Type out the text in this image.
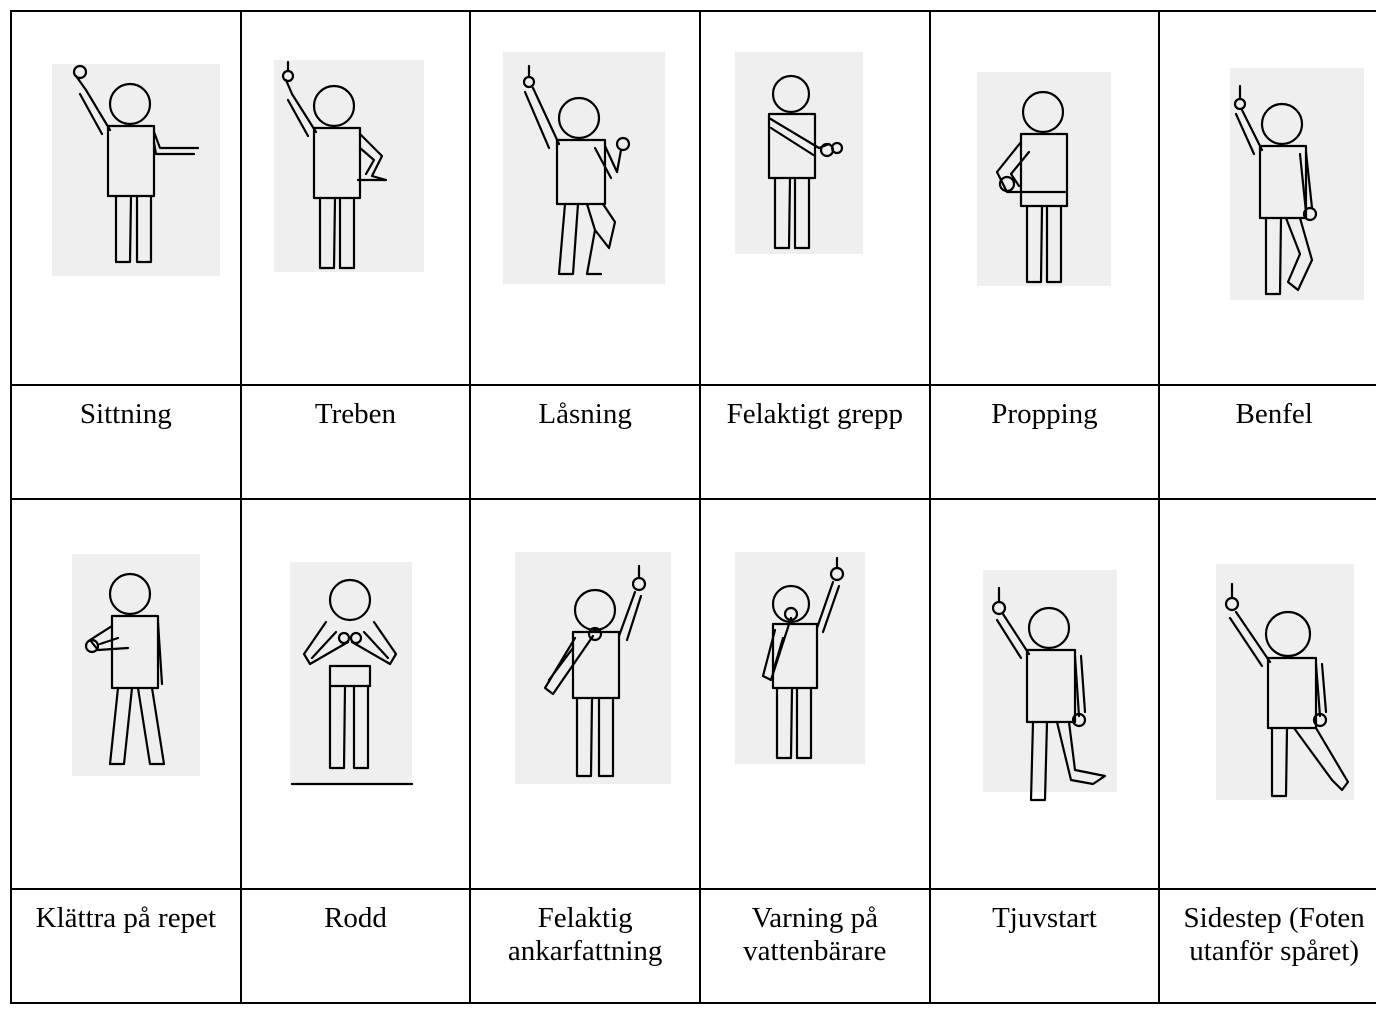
Sittning	Treben	Låsning	Felaktigt grepp	Propping	Benfel

Klättra på repet	Rodd	Felaktig ankarfattning	Varning på vattenbärare	Tjuvstart	Sidestep (Foten utanför spåret)
